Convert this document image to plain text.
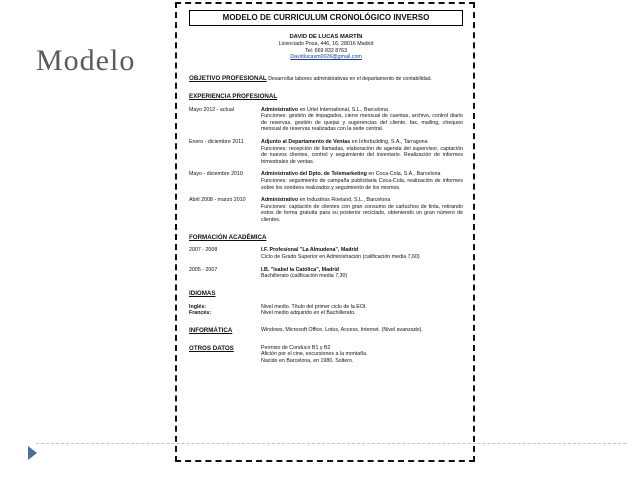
Modelo
MODELO DE CURRICULUM CRONOLÓGICO INVERSO
DAVID DE LUCAS MARTÍN
Licenciado Poza, 446, 16, 28016 Madrid
Tel: 669 832 8763
Davidlucasm0026@gmail.com
OBJETIVO PROFESIONAL Desarrollar labores administrativas en el departamento de contabilidad.
EXPERIENCIA PROFESIONAL
Mayo 2012 - actual	Administrativo en Urtel International, S.L., Barcelona
Funciones: gestión de impagados, cierre mensual de cuentas, archivo, control diario de reservas, gestión de quejas y sugerencias del cliente, fax, mailing, chequeo mensual de reservas realizadas con la sede central.
Enero - diciembre 2011	Adjunto al Departamento de Ventas en Inforbuilding, S.A., Tarragona
Funciones: recepción de llamadas, elaboración de agenda del supervisor, captación de nuevos clientes, control y seguimiento del inventario. Realización de informes trimestrales de ventas.
Mayo - diciembre 2010	Administrativo del Dpto. de Telemarketing en Coca-Cola, S.A., Barcelona
Funciones: seguimiento de campaña publicitaria Coca-Cola, realización de informes sobre los sondeos realizados y seguimiento de los mismos.
Abril 2008 - marzo 2010	Administrativo en Industrias Roeland, S.L., Barcelona
Funciones: captación de clientes con gran consumo de cartuchos de tinta, retirando estos de forma gratuita para su posterior reciclado, obteniendo un gran número de clientes.
FORMACIÓN ACADÉMICA
2007 - 2008	I.F. Profesional "La Almudena", Madrid
Ciclo de Grado Superior en Administración (calificación media 7,60)
2005 - 2007	I.B. "Isabel la Católica", Madrid
Bachillerato (calificación media 7,30)
IDIOMAS
Inglés:	Nivel medio. Título del primer ciclo de la EOI.
Francés:	Nivel medio adquirido en el Bachillerato.
INFORMÁTICA	Windows, Microsoft Office, Lotus, Access, Internet. (Nivel avanzado).
OTROS DATOS	Permiso de Conducir B1 y B2
Afición por el cine, excursiones a la montaña.
Nacido en Barcelona, en 1980. Soltero.
